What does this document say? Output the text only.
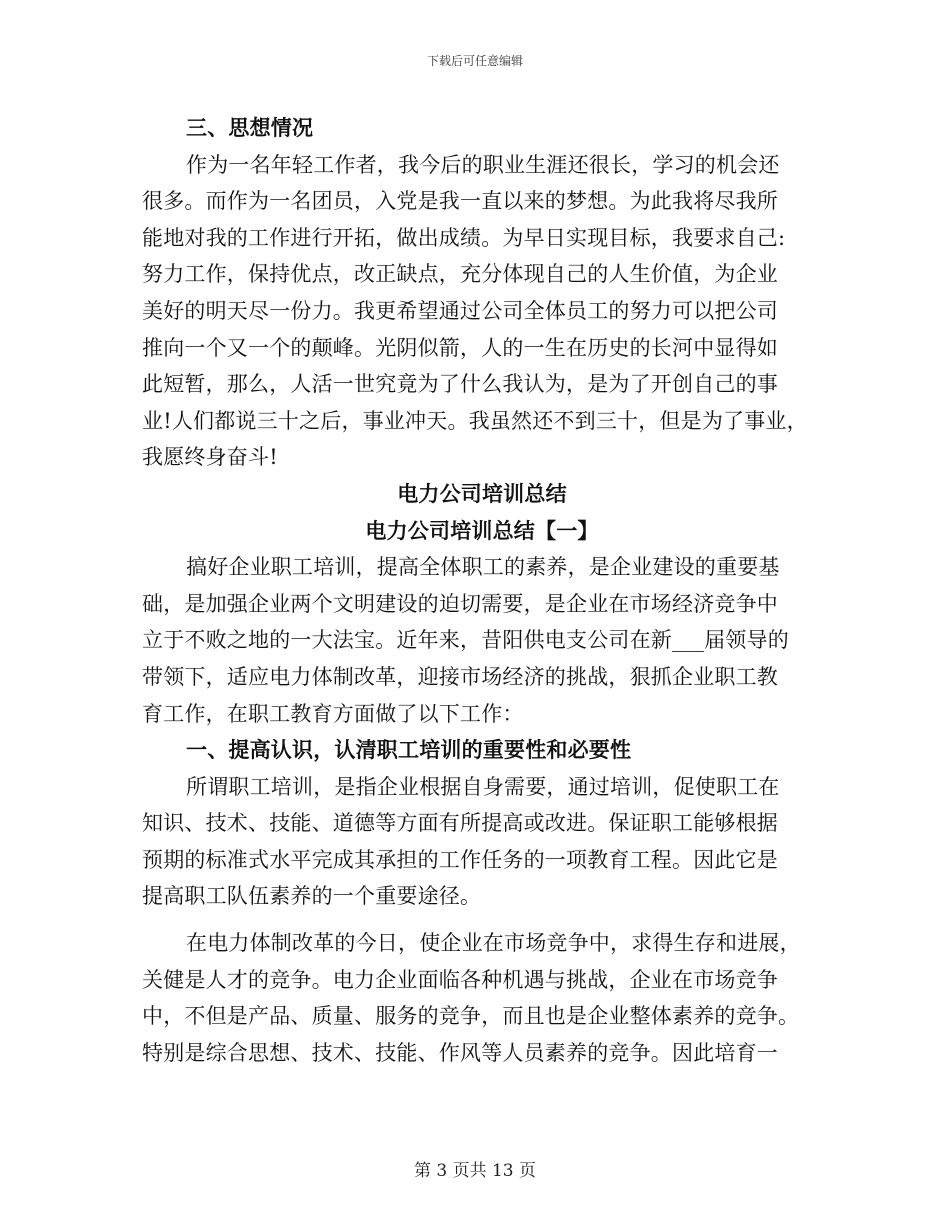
下载后可任意编辑
三、思想情况
作为一名年轻工作者，我今后的职业生涯还很长，学习的机会还
很多。而作为一名团员，入党是我一直以来的梦想。为此我将尽我所
能地对我的工作进行开拓，做出成绩。为早日实现目标，我要求自己:
努力工作，保持优点，改正缺点，充分体现自己的人生价值，为企业
美好的明天尽一份力。我更希望通过公司全体员工的努力可以把公司
推向一个又一个的颠峰。光阴似箭，人的一生在历史的长河中显得如
此短暂，那么，人活一世究竟为了什么我认为，是为了开创自己的事
业!人们都说三十之后，事业冲天。我虽然还不到三十，但是为了事业，
我愿终身奋斗!
电力公司培训总结
电力公司培训总结【一】
搞好企业职工培训，提高全体职工的素养，是企业建设的重要基
础，是加强企业两个文明建设的迫切需要，是企业在市场经济竞争中
立于不败之地的一大法宝。近年来，昔阳供电支公司在新___届领导的
带领下，适应电力体制改革，迎接市场经济的挑战，狠抓企业职工教
育工作，在职工教育方面做了以下工作：
一、提高认识，认清职工培训的重要性和必要性
所谓职工培训，是指企业根据自身需要，通过培训，促使职工在
知识、技术、技能、道德等方面有所提高或改进。保证职工能够根据
预期的标准式水平完成其承担的工作任务的一项教育工程。因此它是
提高职工队伍素养的一个重要途径。
在电力体制改革的今日，使企业在市场竞争中，求得生存和进展，
关健是人才的竞争。电力企业面临各种机遇与挑战，企业在市场竞争
中，不但是产品、质量、服务的竞争，而且也是企业整体素养的竞争。
特别是综合思想、技术、技能、作风等人员素养的竞争。因此培育一
第 3 页共 13 页
